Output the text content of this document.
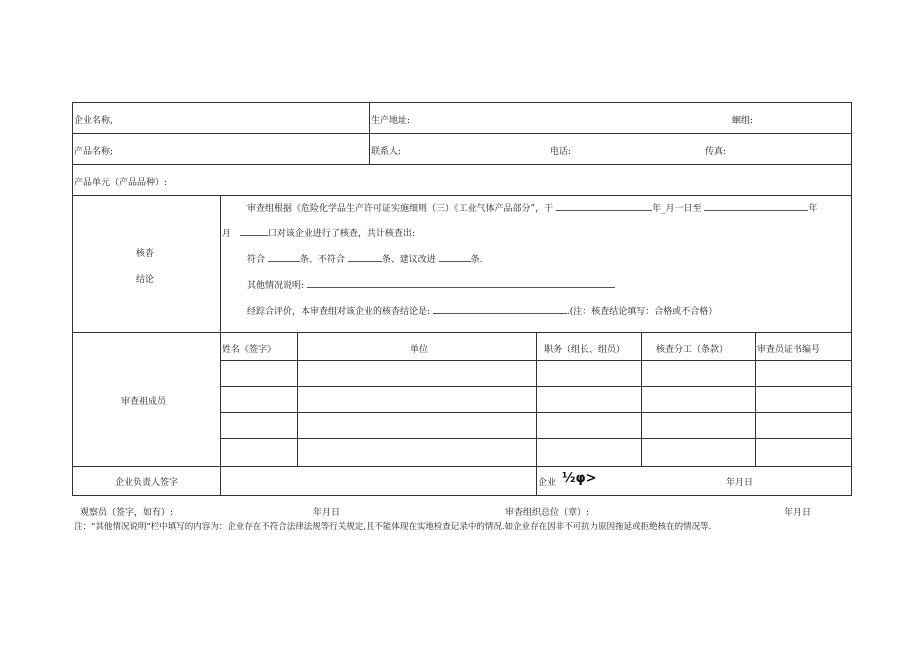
企业名称,	生产地址:	蛔组:
产品名称;	联系人:	电话:	传真:
产品单元（产品品种）:
核沓
结论
审查组根据《危险化学品生产许可证实施细则（三）《工业气体产品部分”，干	年_月一日至	年
月	口对该企业进行了核查，共计核查出:
符合	条、不符合	条、建议改进	条.
其他情况说明:
经踪合评价，本审查组对该企业的核杳结论是:	.(注：核査结论填写：合格或不合格）
审查祖成员
姓名《签字》	单位	职务（组长、组员）	核查分工（条款）	审查员证书编号
企业负责人签字	企业 ½φ>	年月日
观察员（签字，如有）:	年月日	审杳组织总位（章）:	年月日
注：“其他情况说明”栏中填写的内容为：企业存在不符合法律法规等行关规定,且不能体现在实地检查记录中的情况.如企业存在因非不可抗力原因拖延或拒绝核在的情况等.
